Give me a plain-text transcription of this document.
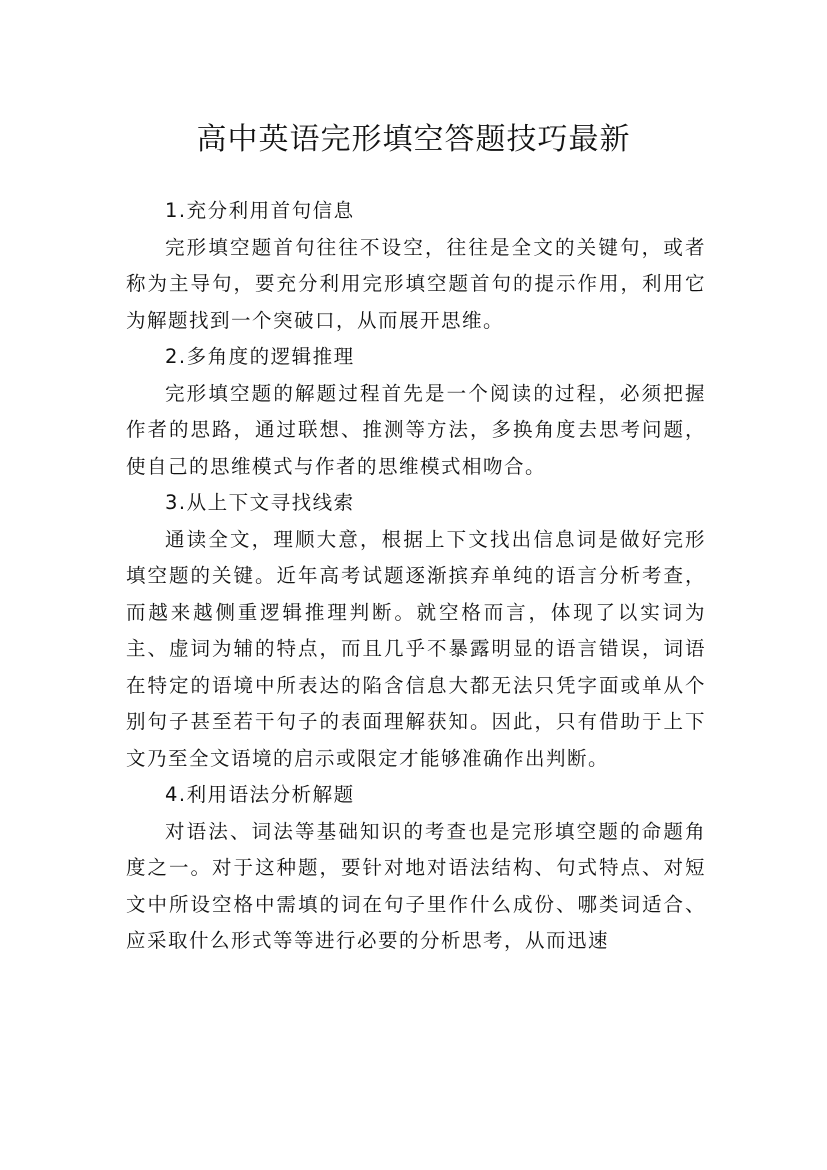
高中英语完形填空答题技巧最新

1.充分利用首句信息

完形填空题首句往往不设空，往往是全文的关键句，或者称为主导句，要充分利用完形填空题首句的提示作用，利用它为解题找到一个突破口，从而展开思维。

2.多角度的逻辑推理

完形填空题的解题过程首先是一个阅读的过程，必须把握作者的思路，通过联想、推测等方法，多换角度去思考问题，使自己的思维模式与作者的思维模式相吻合。

3.从上下文寻找线索

通读全文，理顺大意，根据上下文找出信息词是做好完形填空题的关键。近年高考试题逐渐摈弃单纯的语言分析考查，而越来越侧重逻辑推理判断。就空格而言，体现了以实词为主、虚词为辅的特点，而且几乎不暴露明显的语言错误，词语在特定的语境中所表达的陷含信息大都无法只凭字面或单从个别句子甚至若干句子的表面理解获知。因此，只有借助于上下文乃至全文语境的启示或限定才能够准确作出判断。

4.利用语法分析解题

对语法、词法等基础知识的考查也是完形填空题的命题角度之一。对于这种题，要针对地对语法结构、句式特点、对短文中所设空格中需填的词在句子里作什么成份、哪类词适合、应采取什么形式等等进行必要的分析思考，从而迅速
